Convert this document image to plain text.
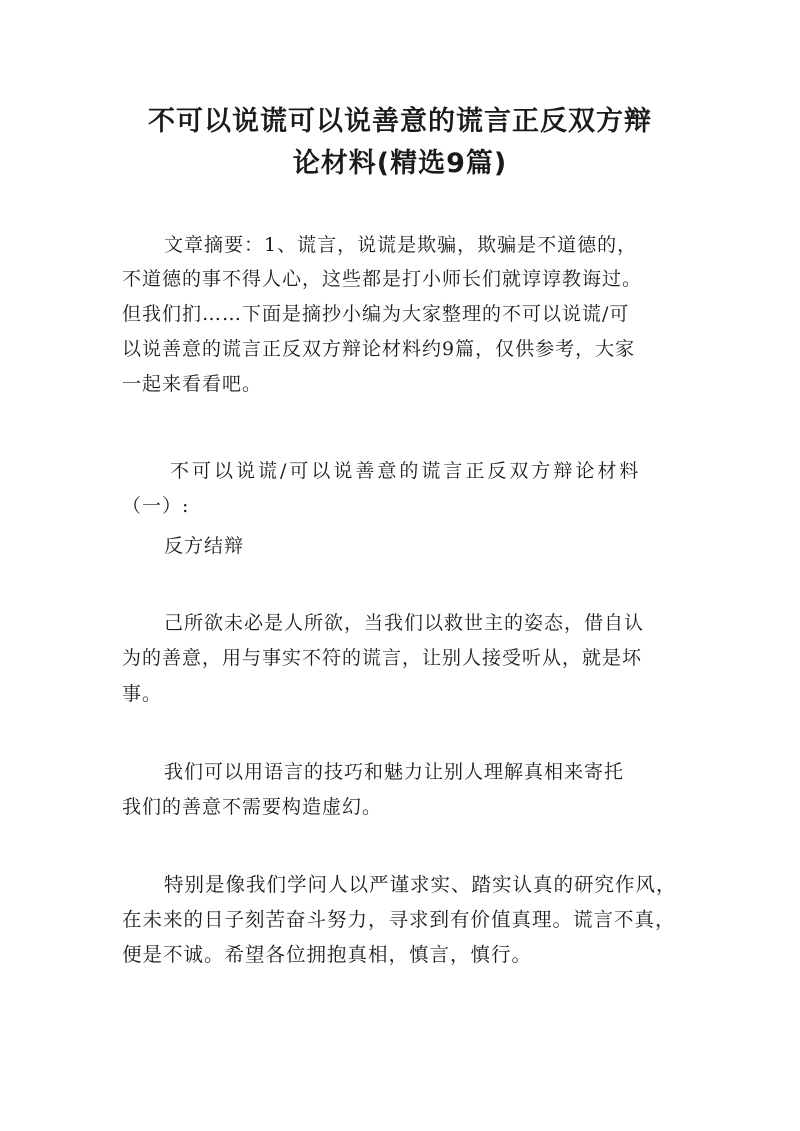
不可以说谎可以说善意的谎言正反双方辩
论材料(精选9篇)
文章摘要：1、谎言，说谎是欺骗，欺骗是不道德的，
不道德的事不得人心，这些都是打小师长们就谆谆教诲过。
但我们扪……下面是摘抄小编为大家整理的不可以说谎/可
以说善意的谎言正反双方辩论材料约9篇，仅供参考，大家
一起来看看吧。
不可以说谎/可以说善意的谎言正反双方辩论材料
（一）:
反方结辩
己所欲未必是人所欲，当我们以救世主的姿态，借自认
为的善意，用与事实不符的谎言，让别人接受听从，就是坏
事。
我们可以用语言的技巧和魅力让别人理解真相来寄托
我们的善意不需要构造虚幻。
特别是像我们学问人以严谨求实、踏实认真的研究作风，
在未来的日子刻苦奋斗努力，寻求到有价值真理。谎言不真，
便是不诚。希望各位拥抱真相，慎言，慎行。
